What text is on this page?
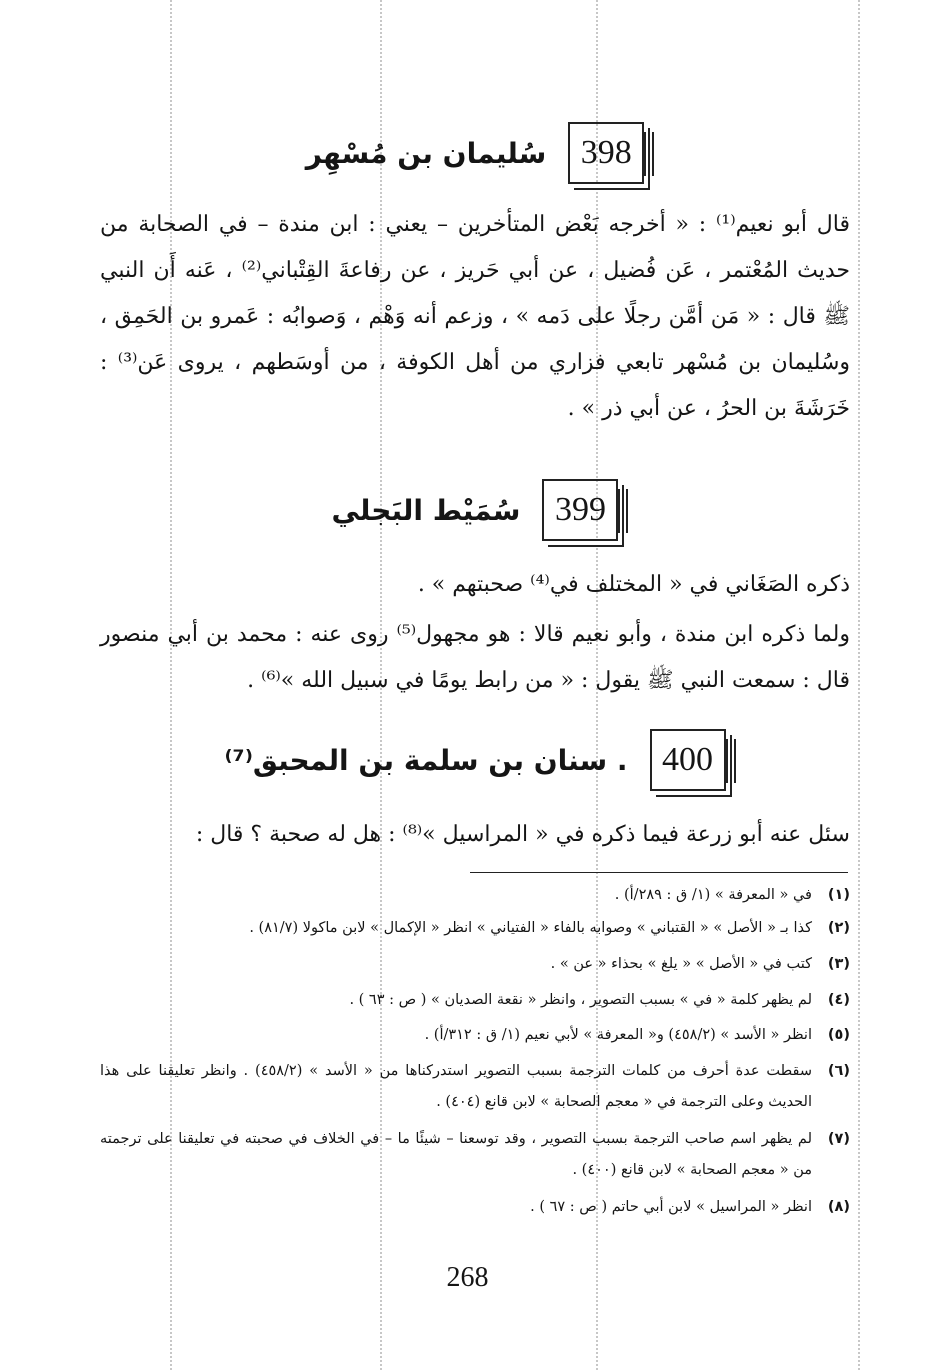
398
سُليمان بن مُسْهِر

قال أبو نعيم⁽¹⁾ : « أخرجه بَعْض المتأخرين – يعني : ابن مندة – في الصحابة من حديث المُعْتمر ، عَن فُضيل ، عن أبي حَريز ، عن رفاعةَ القِتْباني⁽²⁾ ، عَنه أَن النبي ﷺ قال : « مَن أمَّن رجلًا على دَمه » ، وزعم أنه وَهْم ، وَصوابُه : عَمرو بن الحَمِق ، وسُليمان بن مُسْهر تابعي فزاري من أهل الكوفة ، من أوسَطهم ، يروى عَن⁽³⁾ : خَرَشَةَ بن الحرُ ، عن أبي ذر » .

399
سُمَيْط البَجلي

ذكره الصَغَاني في « المختلف في⁽⁴⁾ صحبتهم » .

ولما ذكره ابن مندة ، وأبو نعيم قالا : هو مجهول⁽⁵⁾ روى عنه : محمد بن أبي منصور قال : سمعت النبي ﷺ يقول : « من رابط يومًا في سبيل الله »⁽⁶⁾ .

400
سنان بن سلمة بن المحبق⁽⁷⁾ .

سئل عنه أبو زرعة فيما ذكره في « المراسيل »⁽⁸⁾ : هل له صحبة ؟ قال :

(١)
في « المعرفة » (١/ ق : ٢٨٩/أ) .
(٢)
كذا بـ « الأصل » « القتباني » وصوابه بالفاء « الفتياني » انظر « الإكمال » لابن ماكولا (٨١/٧) .
(٣)
كتب في « الأصل » « يلغ » بحذاء « عن » .
(٤)
لم يظهر كلمة « في » بسبب التصوير ، وانظر « نقعة الصديان » ( ص : ٦٣ ) .
(٥)
انظر « الأسد » (٤٥٨/٢) و« المعرفة » لأبي نعيم (١/ ق : ٣١٢/أ) .
(٦)
سقطت عدة أحرف من كلمات الترجمة بسبب التصوير استدركناها من « الأسد » (٤٥٨/٢) . وانظر تعليقنا على هذا الحديث وعلى الترجمة في « معجم الصحابة » لابن قانع (٤٠٤) .
(٧)
لم يظهر اسم صاحب الترجمة بسبب التصوير ، وقد توسعنا – شيئًا ما – في الخلاف في صحبته في تعليقنا على ترجمته من « معجم الصحابة » لابن قانع (٤٠٠) .
(٨)
انظر « المراسيل » لابن أبي حاتم ( ص : ٦٧ ) .
268
